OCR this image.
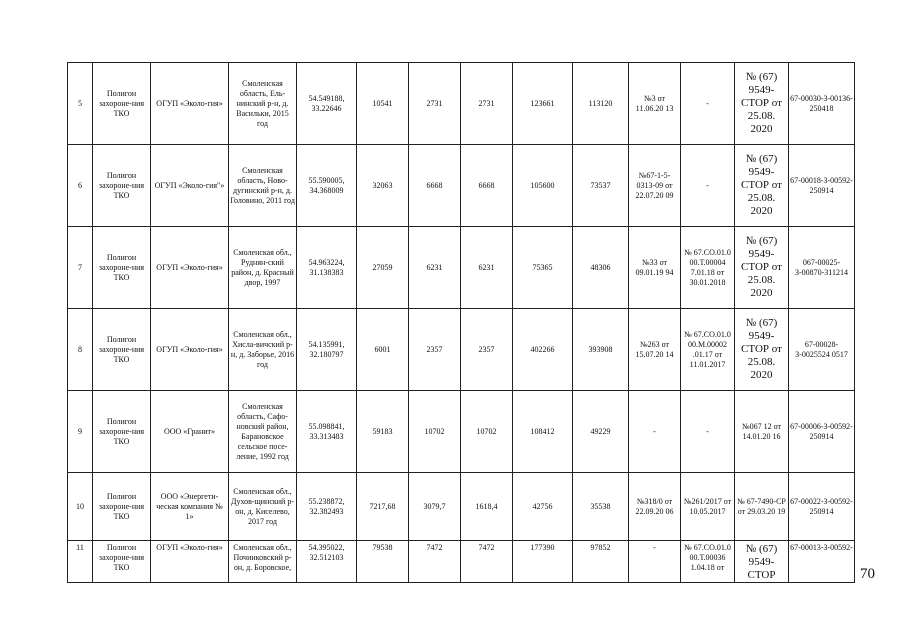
5	Полигон захороне-ния ТКО	ОГУП «Эколо-гия»	Смоленская область, Ель-нинский р-н, д. Васильки, 2015 год	54.549188, 33.22646	10541	2731	2731	123661	113120	№3 от 11.06.20 13	-	№ (67) 9549-СТОР от 25.08. 2020	67-00030-З-00136-250418
6	Полигон захороне-ния ТКО	ОГУП «Эколо-гия"»	Смоленская область, Ново-дугинский р-н, д. Головино, 2011 год	55.590005, 34.368009	32063	6668	6668	105600	73537	№67-1-5-0313-09 от 22.07.20 09	-	№ (67) 9549-СТОР от 25.08. 2020	67-00018-З-00592-250914
7	Полигон захороне-ния ТКО	ОГУП «Эколо-гия»	Смоленская обл., Руднян-ский район, д. Красный двор, 1997	54.963224, 31.138383	27059	6231	6231	75365	48306	№33 от 09.01.19 94	№ 67.СО.01.0 00.Т.00004 7.01.18 от 30.01.2018	№ (67) 9549-СТОР от 25.08. 2020	067-00025-З-00870-311214
8	Полигон захороне-ния ТКО	ОГУП «Эколо-гия»	Смоленская обл., Хисла-вичский р-н, д. Заборье, 2016 год	54.135991, 32.180797	6001	2357	2357	402266	393908	№263 от 15.07.20 14	№ 67.СО.01.0 00.М.00002 .01.17 от 11.01.2017	№ (67) 9549-СТОР от 25.08. 2020	67-00028-З-0025524 0517
9	Полигон захороне-ния ТКО	ООО «Гранит»	Смоленская область, Сафо-новский район, Барановское сельское посе-ление, 1992 год	55.098841, 33.313483	59183	10702	10702	108412	49229	-	-	№067 12 от 14.01.20 16	67-00006-З-00592-250914
10	Полигон захороне-ния ТКО	ООО «Энергети-ческая компания № 1»	Смоленская обл., Духов-щинский р-он, д. Киселево, 2017 год	55.238872, 32.382493	7217,68	3079,7	1618,4	42756	35538	№318/0 от 22.09.20 06	№261/2017 от 10.05.2017	№ 67-7490-СР от 29.03.20 19	67-00022-З-00592-250914
11	Полигон захороне-ния ТКО	ОГУП «Эколо-гия»	Смоленская обл., Починковский р-он, д. Боровское,	54.395022, 32.512103	79538	7472	7472	177390	97852	-	№ 67.СО.01.0 00.Т.00036 1.04.18 от	№ (67) 9549-СТОР	67-00013-З-00592-
70
